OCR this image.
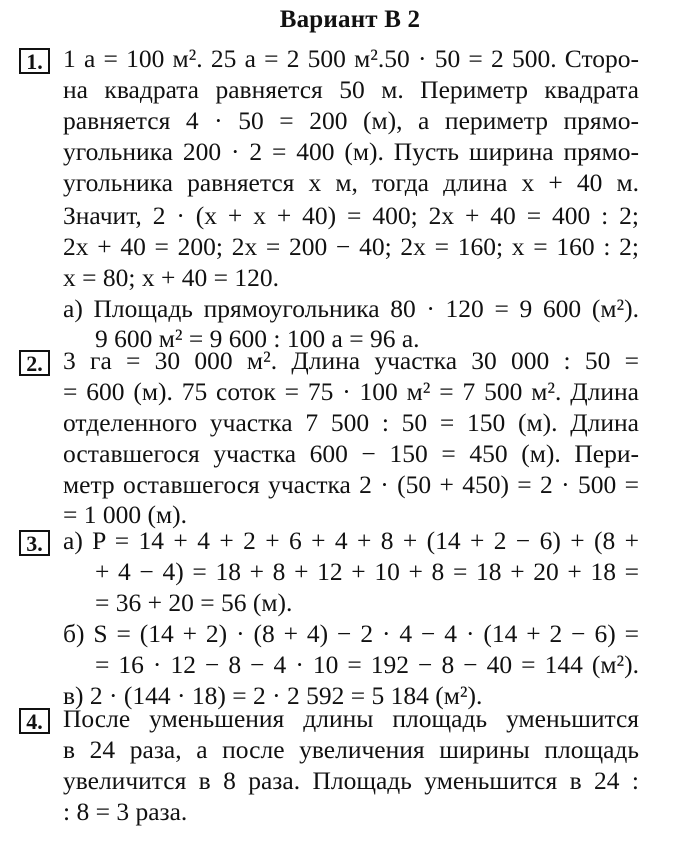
Вариант В 2
1. 1 а = 100 м². 25 а = 2 500 м².50 · 50 = 2 500. Сторо-
на квадрата равняется 50 м. Периметр квадрата
равняется 4 · 50 = 200 (м), а периметр прямо-
угольника 200 · 2 = 400 (м). Пусть ширина прямо-
угольника равняется x м, тогда длина x + 40 м.
Значит, 2 · (x + x + 40) = 400; 2x + 40 = 400 : 2;
2x + 40 = 200; 2x = 200 − 40; 2x = 160; x = 160 : 2;
x = 80; x + 40 = 120.
а) Площадь прямоугольника 80 · 120 = 9 600 (м²).
9 600 м² = 9 600 : 100 а = 96 а.
2. 3 га = 30 000 м². Длина участка 30 000 : 50 =
= 600 (м). 75 соток = 75 · 100 м² = 7 500 м². Длина
отделенного участка 7 500 : 50 = 150 (м). Длина
оставшегося участка 600 − 150 = 450 (м). Пери-
метр оставшегося участка 2 · (50 + 450) = 2 · 500 =
= 1 000 (м).
3. а) P = 14 + 4 + 2 + 6 + 4 + 8 + (14 + 2 − 6) + (8 +
+ 4 − 4) = 18 + 8 + 12 + 10 + 8 = 18 + 20 + 18 =
= 36 + 20 = 56 (м).
б) S = (14 + 2) · (8 + 4) − 2 · 4 − 4 · (14 + 2 − 6) =
= 16 · 12 − 8 − 4 · 10 = 192 − 8 − 40 = 144 (м²).
в) 2 · (144 · 18) = 2 · 2 592 = 5 184 (м²).
4. После уменьшения длины площадь уменьшится
в 24 раза, а после увеличения ширины площадь
увеличится в 8 раза. Площадь уменьшится в 24 :
: 8 = 3 раза.
